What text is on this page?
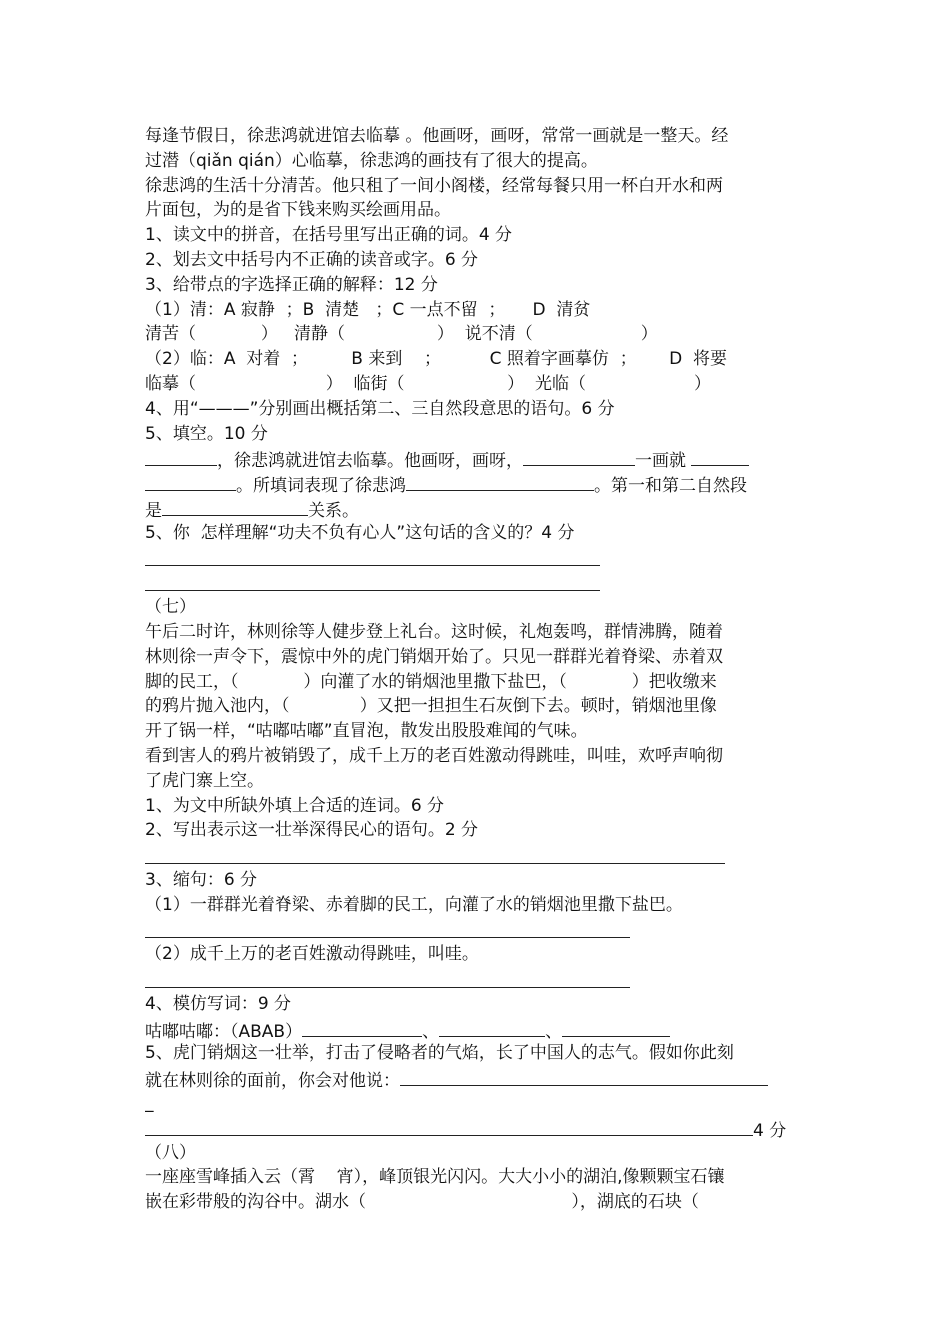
每逢节假日，徐悲鸿就进馆去临摹 。他画呀，画呀，常常一画就是一整天。经
过潜（qiǎn qián）心临摹，徐悲鸿的画技有了很大的提高。
徐悲鸿的生活十分清苦。他只租了一间小阁楼，经常每餐只用一杯白开水和两
片面包，为的是省下钱来购买绘画用品。
1、读文中的拼音，在括号里写出正确的词。4 分
2、划去文中括号内不正确的读音或字。6 分
3、给带点的字选择正确的解释：12 分
（1）清：A 寂静  ；B  清楚   ；C 一点不留  ；     D  清贫
清苦（            ）   清静（                 ）  说不清（                    ）
（2）临：A  对着  ；        B 来到    ；         C 照着字画摹仿  ；      D  将要
临摹（                        ）  临街（                   ）  光临（                    ）
4、用“———”分别画出概括第二、三自然段意思的语句。6 分
5、填空。10 分
，徐悲鸿就进馆去临摹。他画呀，画呀，	一画就
。所填词表现了徐悲鸿	。第一和第二自然段
是	关系。
5、你  怎样理解“功夫不负有心人”这句话的含义的？4 分
（七）
午后二时许，林则徐等人健步登上礼台。这时候，礼炮轰鸣，群情沸腾，随着
林则徐一声令下，震惊中外的虎门销烟开始了。只见一群群光着脊梁、赤着双
脚的民工，（            ）向灌了水的销烟池里撒下盐巴，（            ）把收缴来
的鸦片抛入池内，（             ）又把一担担生石灰倒下去。顿时，销烟池里像
开了锅一样，“咕嘟咕嘟”直冒泡，散发出股股难闻的气味。
看到害人的鸦片被销毁了，成千上万的老百姓激动得跳哇，叫哇，欢呼声响彻
了虎门寨上空。
1、为文中所缺外填上合适的连词。6 分
2、写出表示这一壮举深得民心的语句。2 分
3、缩句：6 分
（1）一群群光着脊梁、赤着脚的民工，向灌了水的销烟池里撒下盐巴。
（2）成千上万的老百姓激动得跳哇，叫哇。
4、模仿写词：9 分
咕嘟咕嘟：（ABAB）	、	、
5、虎门销烟这一壮举，打击了侵略者的气焰，长了中国人的志气。假如你此刻
就在林则徐的面前，你会对他说：
_
4 分
（八）
一座座雪峰插入云（霄    宵），峰顶银光闪闪。大大小小的湖泊,像颗颗宝石镶
嵌在彩带般的沟谷中。湖水（                                      ），湖底的石块（
